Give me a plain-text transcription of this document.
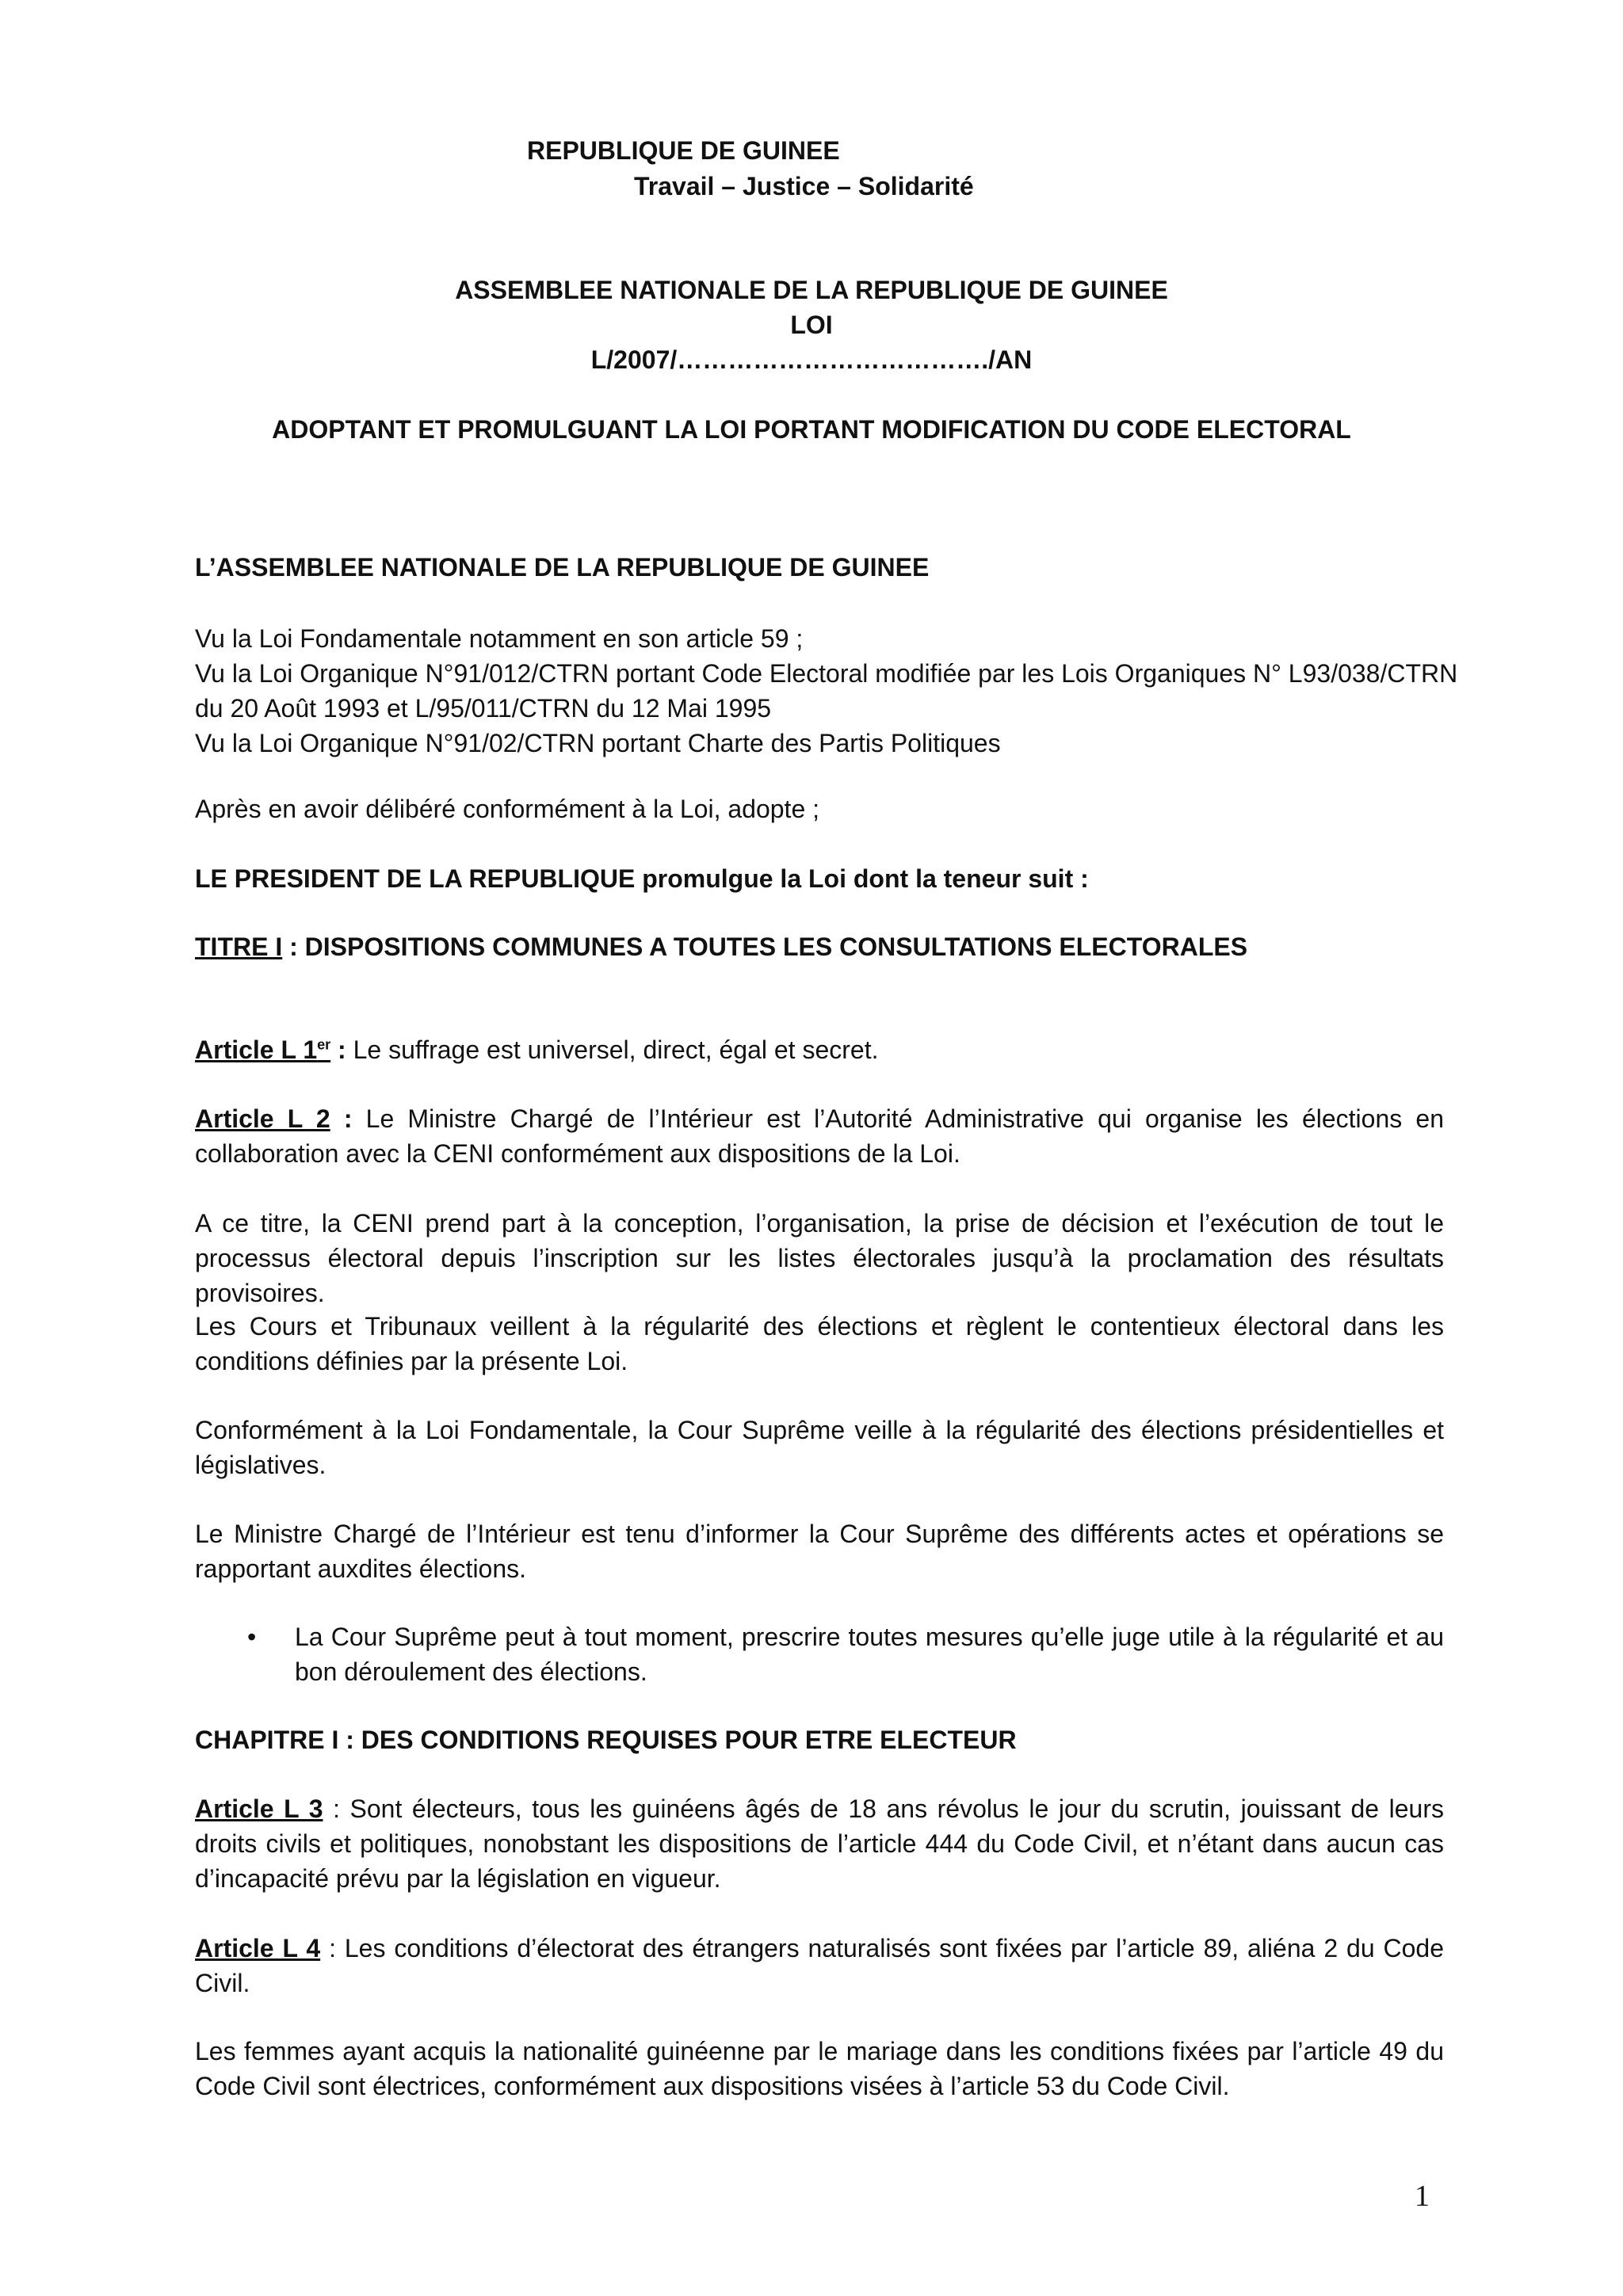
REPUBLIQUE DE GUINEE
Travail – Justice – Solidarité
ASSEMBLEE NATIONALE DE LA REPUBLIQUE DE GUINEE
LOI
L/2007/………………………………./AN
ADOPTANT ET PROMULGUANT LA LOI PORTANT MODIFICATION DU CODE ELECTORAL
L’ASSEMBLEE NATIONALE DE LA REPUBLIQUE DE GUINEE
Vu la Loi Fondamentale notamment en son article 59 ;
Vu la Loi Organique N°91/012/CTRN portant Code Electoral modifiée par les Lois Organiques N° L93/038/CTRN
du 20 Août 1993 et L/95/011/CTRN du 12 Mai 1995
Vu la Loi Organique N°91/02/CTRN portant Charte des Partis Politiques
Après en avoir délibéré conformément à la Loi, adopte ;
LE PRESIDENT DE LA REPUBLIQUE promulgue la Loi dont la teneur suit :
TITRE I : DISPOSITIONS COMMUNES A TOUTES LES CONSULTATIONS ELECTORALES
Article L 1er : Le suffrage est universel, direct, égal et secret.
Article L 2 : Le Ministre Chargé de l’Intérieur est l’Autorité Administrative qui organise les élections en collaboration avec la CENI conformément aux dispositions de la Loi.
A ce titre, la CENI prend part à la conception, l’organisation, la prise de décision et l’exécution de tout le processus électoral depuis l’inscription sur les listes électorales jusqu’à la proclamation des résultats provisoires.
Les Cours et Tribunaux veillent à la régularité des élections et règlent le contentieux électoral dans les conditions définies par la présente Loi.
Conformément à la Loi Fondamentale, la Cour Suprême veille à la régularité des élections présidentielles et législatives.
Le Ministre Chargé de l’Intérieur est tenu d’informer la Cour Suprême des différents actes et opérations se rapportant auxdites élections.
• La Cour Suprême peut à tout moment, prescrire toutes mesures qu’elle juge utile à la régularité et au bon déroulement des élections.
CHAPITRE I : DES CONDITIONS REQUISES POUR ETRE ELECTEUR
Article L 3 : Sont électeurs, tous les guinéens âgés de 18 ans révolus le jour du scrutin, jouissant de leurs droits civils et politiques, nonobstant les dispositions de l’article 444 du Code Civil, et n’étant dans aucun cas d’incapacité prévu par la législation en vigueur.
Article L 4 : Les conditions d’électorat des étrangers naturalisés sont fixées par l’article 89, aliéna 2 du Code Civil.
Les femmes ayant acquis la nationalité guinéenne par le mariage dans les conditions fixées par l’article 49 du Code Civil sont électrices, conformément aux dispositions visées à l’article 53 du Code Civil.
1
